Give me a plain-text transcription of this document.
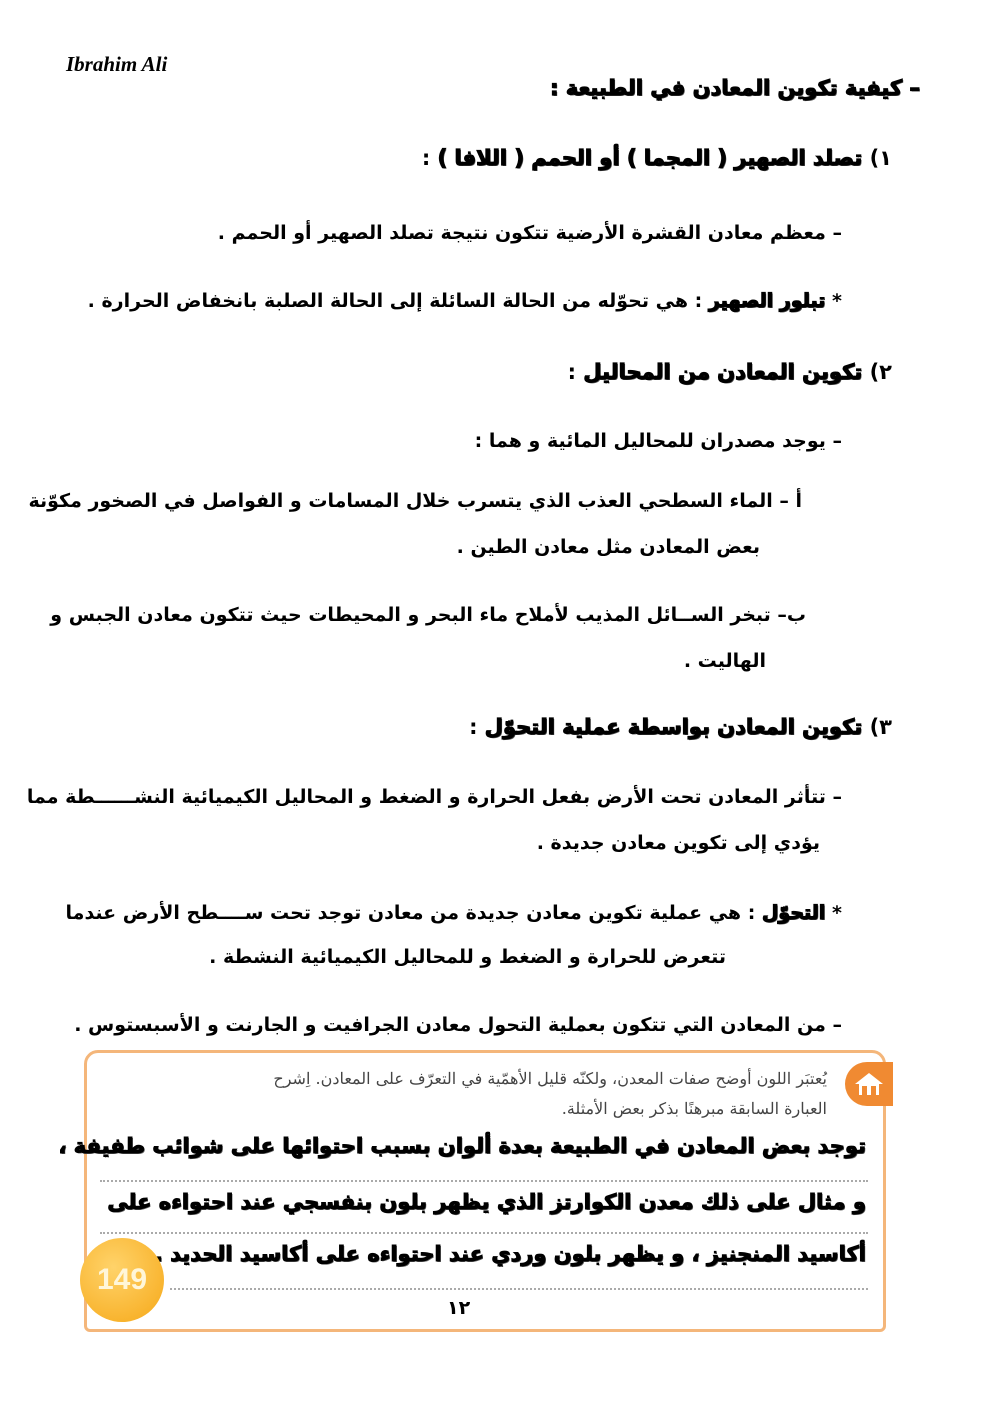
Ibrahim Ali
– كيفية تكوين المعادن في الطبيعة :
١) تصلد الصهير ( المجما ) أو الحمم ( اللافا ) :
– معظم معادن القشرة الأرضية تتكون نتيجة تصلد الصهير أو الحمم .
* تبلور الصهير : هي تحوّله من الحالة السائلة إلى الحالة الصلبة بانخفاض الحرارة .
٢) تكوين المعادن من المحاليل :
– يوجد مصدران للمحاليل المائية و هما :
أ – الماء السطحي العذب الذي يتسرب خلال المسامات و الفواصل في الصخور مكوّنة
بعض المعادن مثل معادن الطين .
ب– تبخر الســائل المذيب لأملاح ماء البحر و المحيطات حيث تتكون معادن الجبس و
الهاليت .
٣) تكوين المعادن بواسطة عملية التحوّل :
– تتأثر المعادن تحت الأرض بفعل الحرارة و الضغط و المحاليل الكيميائية النشــــــطة مما
يؤدي إلى تكوين معادن جديدة .
* التحوّل : هي عملية تكوين معادن جديدة من معادن توجد تحت ســــطح الأرض عندما
تتعرض للحرارة و الضغط و للمحاليل الكيميائية النشطة .
– من المعادن التي تتكون بعملية التحول معادن الجرافيت و الجارنت و الأسبستوس .
يُعتبَر اللون أوضح صفات المعدن، ولكنّه قليل الأهمّية في التعرّف على المعادن. اِشرح
العبارة السابقة مبرهنًا بذكر بعض الأمثلة.
توجد بعض المعادن في الطبيعة بعدة ألوان بسبب احتوائها على شوائب طفيفة ،
و مثال على ذلك معدن الكوارتز الذي يظهر بلون بنفسجي عند احتواءه على
أكاسيد المنجنيز ، و يظهر بلون وردي عند احتواءه على أكاسيد الحديد .
149
١٢
